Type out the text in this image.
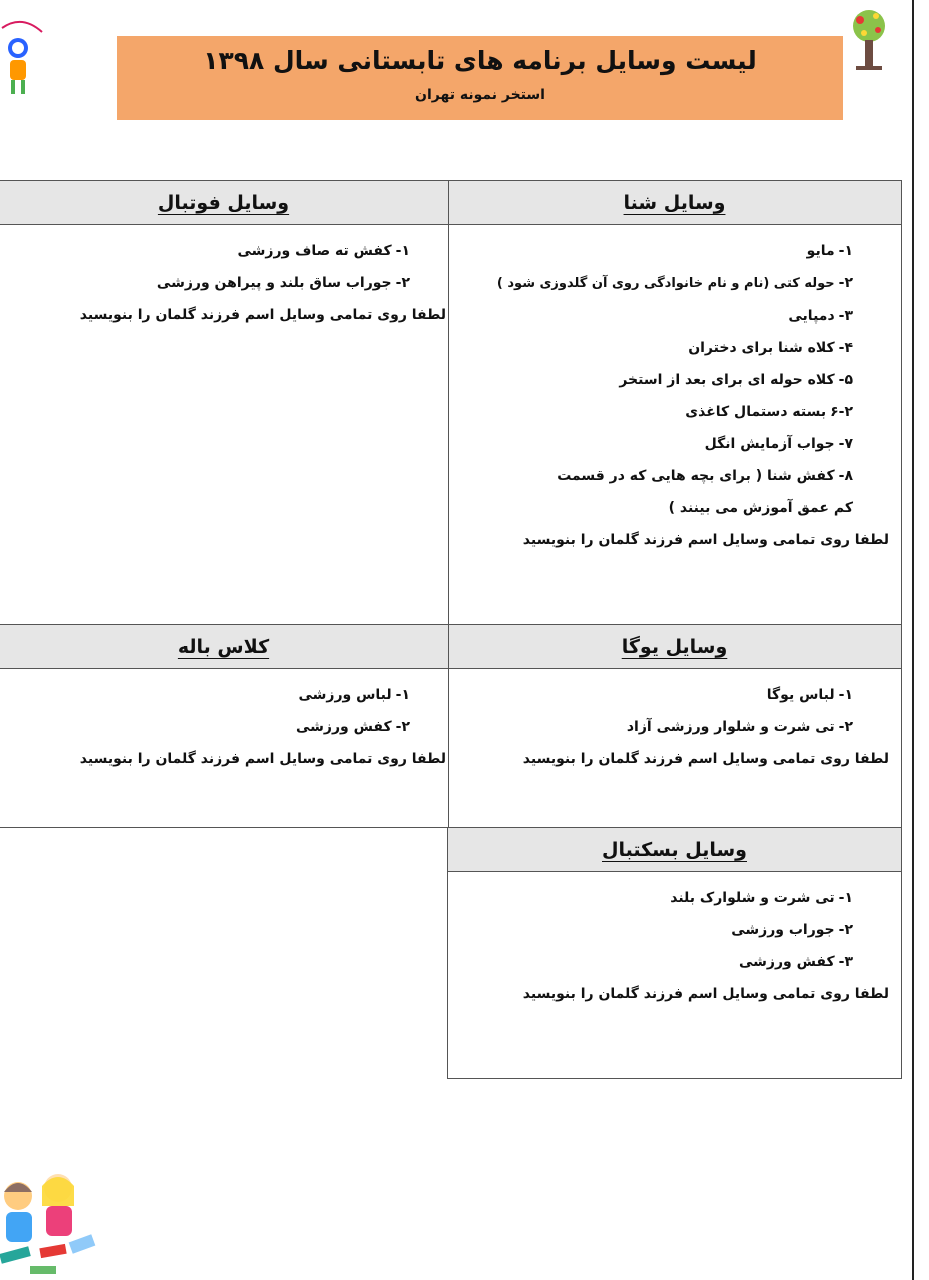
لیست وسایل برنامه های تابستانی سال ۱۳۹۸
استخر نمونه تهران
وسایل شنا
۱-مایو
۲-حوله کتی (نام و نام خانوادگی روی آن گلدوزی شود )
۳-دمپایی
۴-کلاه شنا برای دختران
۵-کلاه حوله ای برای بعد از استخر
۶-۲بسته دستمال کاغذی
۷-جواب آزمایش انگل
۸-کفش شنا ( برای بچه هایی که در قسمت کم عمق آموزش می بینند )
لطفا روی تمامی وسایل اسم فرزند گلمان را بنویسید
وسایل فوتبال
۱-کفش ته صاف ورزشی
۲-جوراب ساق بلند و پیراهن ورزشی
لطفا روی تمامی وسایل اسم فرزند گلمان را بنویسید
وسایل یوگا
۱-لباس یوگا
۲-تی شرت و شلوار ورزشی آزاد
لطفا روی تمامی وسایل اسم فرزند گلمان را بنویسید
کلاس باله
۱-لباس ورزشی
۲-کفش ورزشی
لطفا روی تمامی وسایل اسم فرزند گلمان را بنویسید
وسایل بسکتبال
۱-تی شرت و شلوارک بلند
۲-جوراب ورزشی
۳-کفش ورزشی
لطفا روی تمامی وسایل اسم فرزند گلمان را بنویسید
